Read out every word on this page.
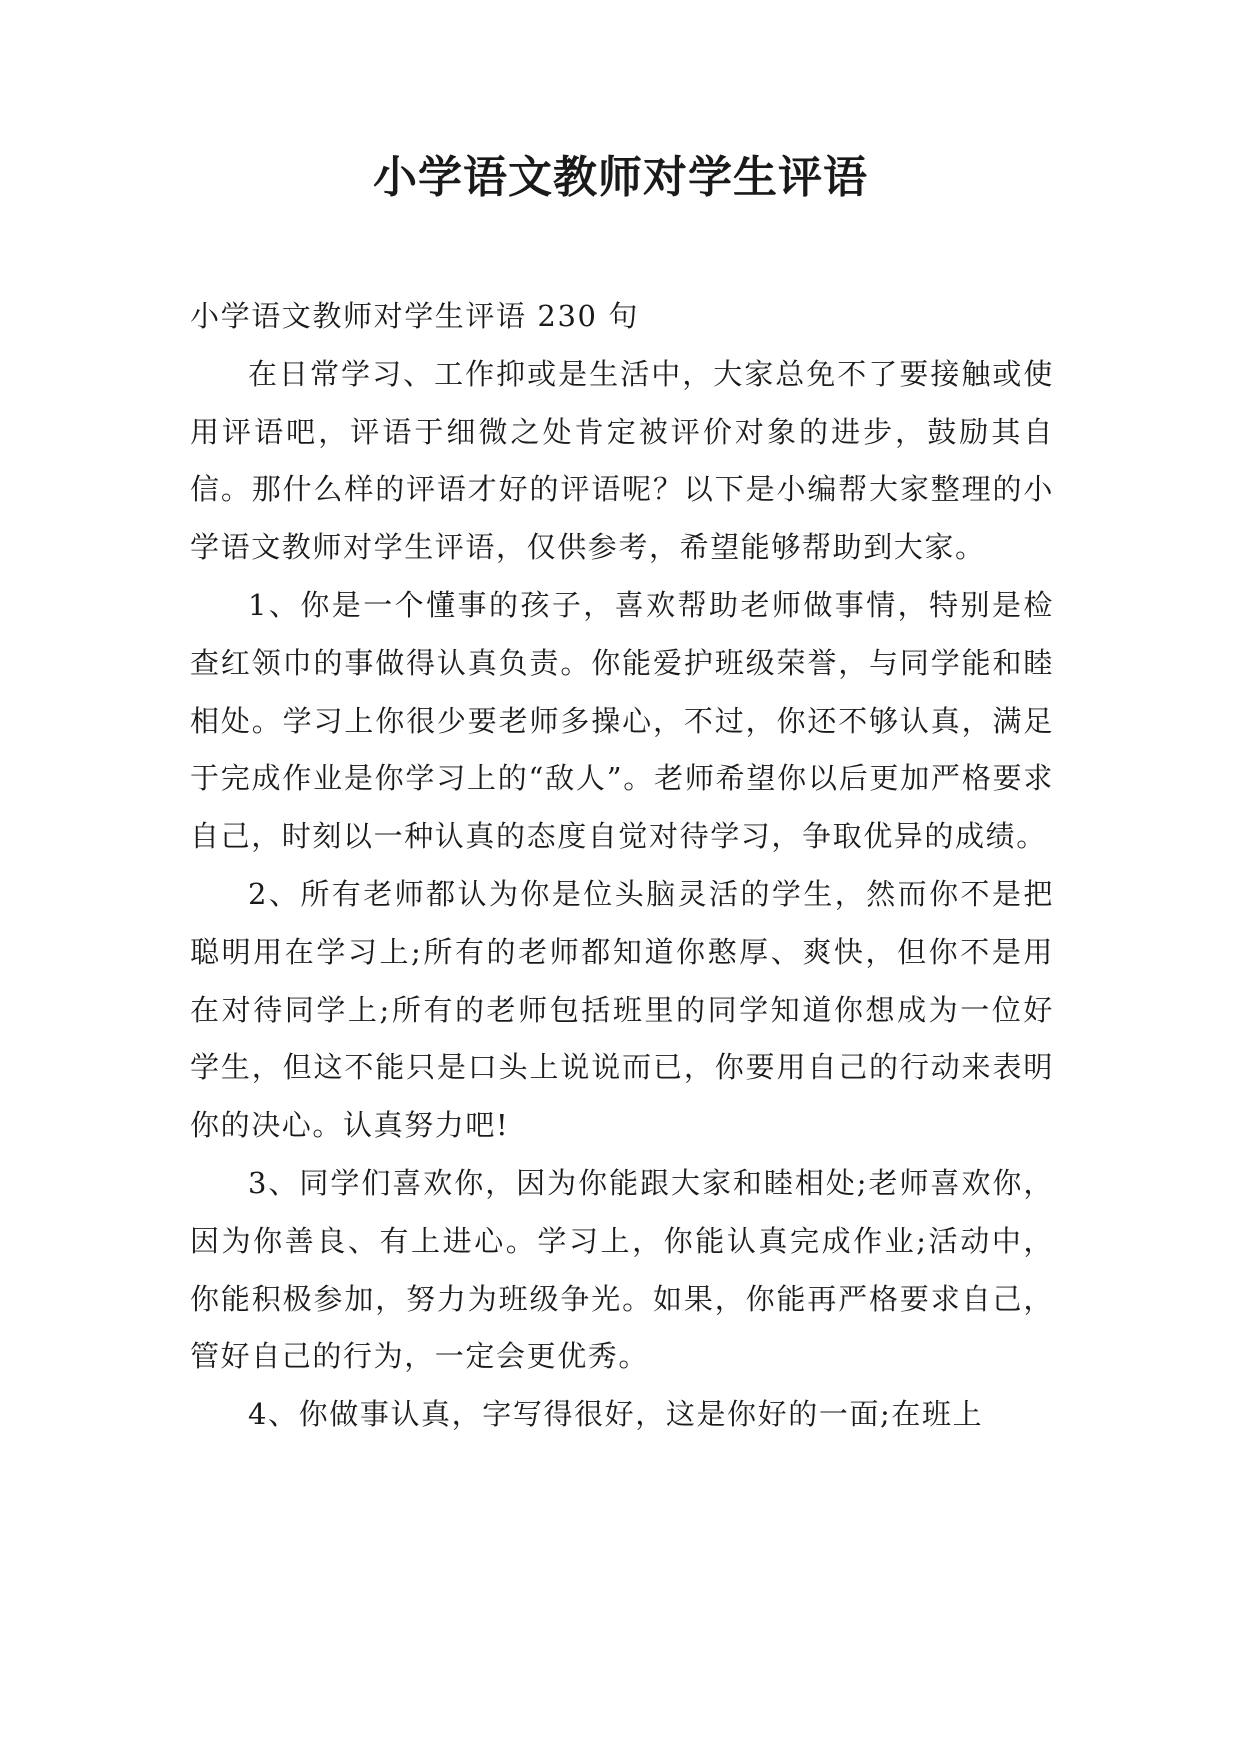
小学语文教师对学生评语

小学语文教师对学生评语 230 句

在日常学习、工作抑或是生活中，大家总免不了要接触或使用评语吧，评语于细微之处肯定被评价对象的进步，鼓励其自信。那什么样的评语才好的评语呢？以下是小编帮大家整理的小学语文教师对学生评语，仅供参考，希望能够帮助到大家。

1、你是一个懂事的孩子，喜欢帮助老师做事情，特别是检查红领巾的事做得认真负责。你能爱护班级荣誉，与同学能和睦相处。学习上你很少要老师多操心，不过，你还不够认真，满足于完成作业是你学习上的“敌人”。老师希望你以后更加严格要求自己，时刻以一种认真的态度自觉对待学习，争取优异的成绩。

2、所有老师都认为你是位头脑灵活的学生，然而你不是把聪明用在学习上;所有的老师都知道你憨厚、爽快，但你不是用在对待同学上;所有的老师包括班里的同学知道你想成为一位好学生，但这不能只是口头上说说而已，你要用自己的行动来表明你的决心。认真努力吧!

3、同学们喜欢你，因为你能跟大家和睦相处;老师喜欢你，因为你善良、有上进心。学习上，你能认真完成作业;活动中，你能积极参加，努力为班级争光。如果，你能再严格要求自己，管好自己的行为，一定会更优秀。

4、你做事认真，字写得很好，这是你好的一面;在班上
